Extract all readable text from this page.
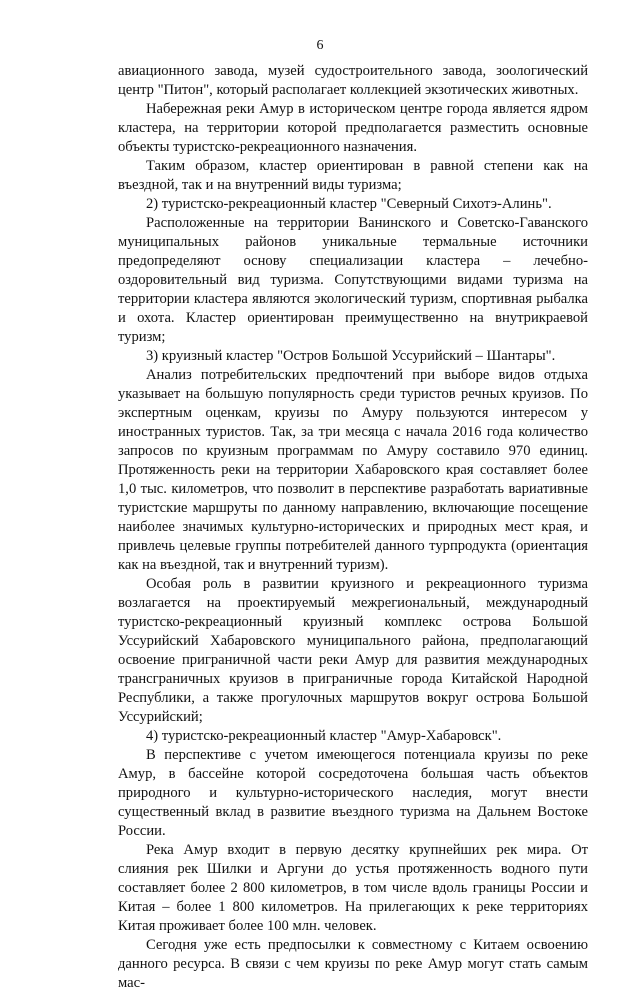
6

авиационного завода, музей судостроительного завода, зоологический центр "Питон", который располагает коллекцией экзотических животных.

Набережная реки Амур в историческом центре города является ядром кластера, на территории которой предполагается разместить основные объекты туристско-рекреационного назначения.

Таким образом, кластер ориентирован в равной степени как на въездной, так и на внутренний виды туризма;

2) туристско-рекреационный кластер "Северный Сихотэ-Алинь".

Расположенные на территории Ванинского и Советско-Гаванского муниципальных районов уникальные термальные источники предопределяют основу специализации кластера – лечебно-оздоровительный вид туризма. Сопутствующими видами туризма на территории кластера являются экологический туризм, спортивная рыбалка и охота. Кластер ориентирован преимущественно на внутрикраевой туризм;

3) круизный кластер "Остров Большой Уссурийский – Шантары".

Анализ потребительских предпочтений при выборе видов отдыха указывает на большую популярность среди туристов речных круизов. По экспертным оценкам, круизы по Амуру пользуются интересом у иностранных туристов. Так, за три месяца с начала 2016 года количество запросов по круизным программам по Амуру составило 970 единиц. Протяженность реки на территории Хабаровского края составляет более 1,0 тыс. километров, что позволит в перспективе разработать вариативные туристские маршруты по данному направлению, включающие посещение наиболее значимых культурно-исторических и природных мест края, и привлечь целевые группы потребителей данного турпродукта (ориентация как на въездной, так и внутренний туризм).

Особая роль в развитии круизного и рекреационного туризма возлагается на проектируемый межрегиональный, международный туристско-рекреационный круизный комплекс острова Большой Уссурийский Хабаровского муниципального района, предполагающий освоение приграничной части реки Амур для развития международных трансграничных круизов в приграничные города Китайской Народной Республики, а также прогулочных маршрутов вокруг острова Большой Уссурийский;

4) туристско-рекреационный кластер "Амур-Хабаровск".

В перспективе с учетом имеющегося потенциала круизы по реке Амур, в бассейне которой сосредоточена большая часть объектов природного и культурно-исторического наследия, могут внести существенный вклад в развитие въездного туризма на Дальнем Востоке России.

Река Амур входит в первую десятку крупнейших рек мира. От слияния рек Шилки и Аргуни до устья протяженность водного пути составляет более 2 800 километров, в том числе вдоль границы России и Китая – более 1 800 километров. На прилегающих к реке территориях Китая проживает более 100 млн. человек.

Сегодня уже есть предпосылки к совместному с Китаем освоению данного ресурса. В связи с чем круизы по реке Амур могут стать самым мас-
